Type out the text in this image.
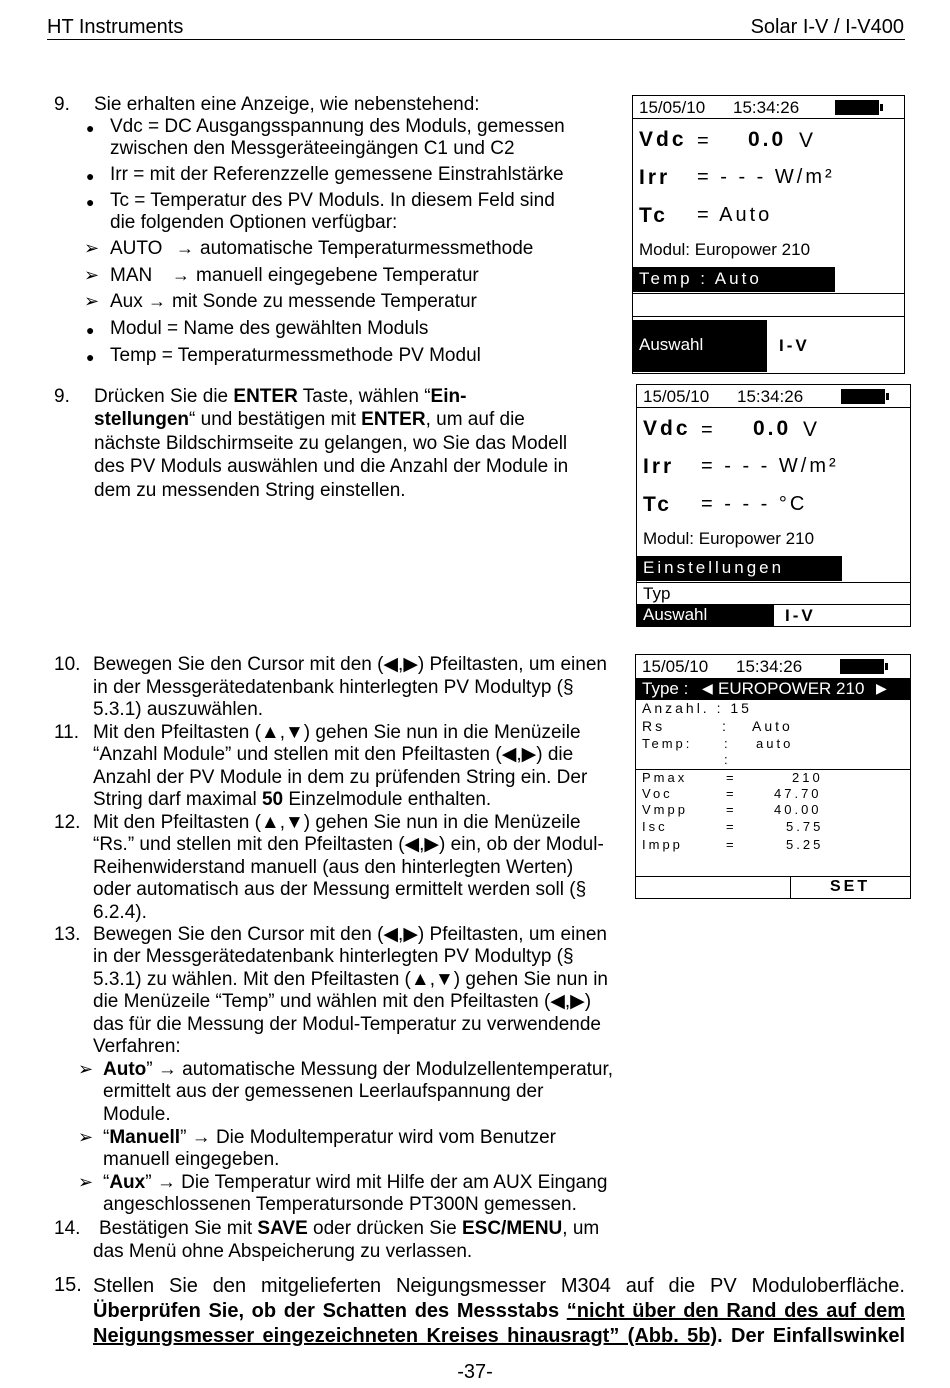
HT Instruments	Solar I-V / I-V400
9. Sie erhalten eine Anzeige, wie nebenstehend:
● Vdc = DC Ausgangsspannung des Moduls, gemessen
zwischen den Messgeräteeingängen C1 und C2
● Irr = mit der Referenzzelle gemessene Einstrahlstärke
● Tc = Temperatur des PV Moduls. In diesem Feld sind
die folgenden Optionen verfügbar:
➢ AUTO → automatische Temperaturmessmethode
➢ MAN → manuell eingegebene Temperatur
➢ Aux → mit Sonde zu messende Temperatur
● Modul = Name des gewählten Moduls
● Temp = Temperaturmessmethode PV Modul
15/05/10 15:34:26
Vdc = 0.0 V
Irr = - - - W/m²
Tc = Auto
Modul: Europower 210
Temp : Auto
Auswahl	I-V
9. Drücken Sie die ENTER Taste, wählen “Ein-
stellungen“ und bestätigen mit ENTER, um auf die
nächste Bildschirmseite zu gelangen, wo Sie das Modell
des PV Moduls auswählen und die Anzahl der Module in
dem zu messenden String einstellen.
15/05/10 15:34:26
Vdc = 0.0 V
Irr = - - - W/m²
Tc = - - - °C
Modul: Europower 210
Einstellungen
Typ
Auswahl	I-V
10. Bewegen Sie den Cursor mit den (◀,▶) Pfeiltasten, um einen
in der Messgerätedatenbank hinterlegten PV Modultyp (§
5.3.1) auszuwählen.
11. Mit den Pfeiltasten (▲,▼) gehen Sie nun in die Menüzeile
“Anzahl Module” und stellen mit den Pfeiltasten (◀,▶) die
Anzahl der PV Module in dem zu prüfenden String ein. Der
String darf maximal 50 Einzelmodule enthalten.
12. Mit den Pfeiltasten (▲,▼) gehen Sie nun in die Menüzeile
“Rs.” und stellen mit den Pfeiltasten (◀,▶) ein, ob der Modul-
Reihenwiderstand manuell (aus den hinterlegten Werten)
oder automatisch aus der Messung ermittelt werden soll (§
6.2.4).
13. Bewegen Sie den Cursor mit den (◀,▶) Pfeiltasten, um einen
in der Messgerätedatenbank hinterlegten PV Modultyp (§
5.3.1) zu wählen. Mit den Pfeiltasten (▲,▼) gehen Sie nun in
die Menüzeile “Temp” und wählen mit den Pfeiltasten (◀,▶)
das für die Messung der Modul-Temperatur zu verwendende
Verfahren:
➢ Auto” → automatische Messung der Modulzellentemperatur,
ermittelt aus der gemessenen Leerlaufspannung der
Module.
➢ “Manuell” → Die Modultemperatur wird vom Benutzer
manuell eingegeben.
➢ “Aux” → Die Temperatur wird mit Hilfe der am AUX Eingang
angeschlossenen Temperatursonde PT300N gemessen.
14. Bestätigen Sie mit SAVE oder drücken Sie ESC/MENU, um
das Menü ohne Abspeicherung zu verlassen.
15/05/10 15:34:26
Type : ◀ EUROPOWER 210 ▶
Anzahl. : 15
Rs	: Auto
Temp: : auto
:
Pmax	=	210
Voc	=	47.70
Vmpp	=	40.00
Isc	=	5.75
Impp	=	5.25
SET
15. Stellen Sie den mitgelieferten Neigungsmesser M304 auf die PV Moduloberfläche.
Überprüfen Sie, ob der Schatten des Messstabs “nicht über den Rand des auf dem
Neigungsmesser eingezeichneten Kreises hinausragt” (Abb. 5b). Der Einfallswinkel
-37-
